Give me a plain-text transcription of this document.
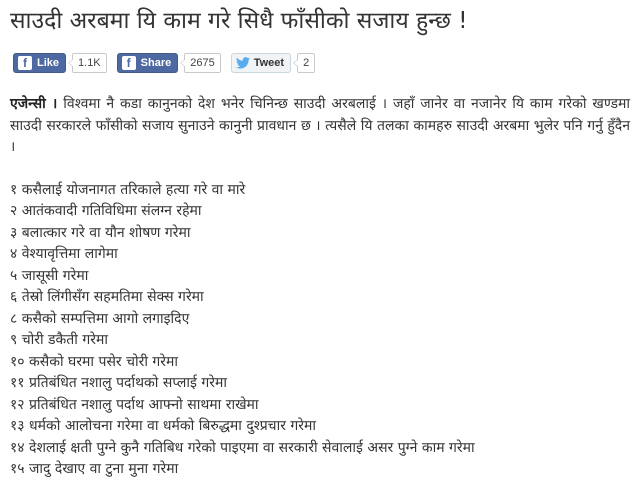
साउदी अरबमा यि काम गरे सिधै फाँसीको सजाय हुन्छ !
f Like	1.1K	f Share	2675	Tweet	2

एजेन्सी । विश्वमा नै कडा कानुनको देश भनेर चिनिन्छ साउदी अरबलाई । जहाँ जानेर वा नजानेर यि काम गरेको खण्डमा साउदी सरकारले फाँसीको सजाय सुनाउने कानुनी प्रावधान छ । त्यसैले यि तलका कामहरु साउदी अरबमा भुलेर पनि गर्नु हुँदैन ।

१ कसैलाई योजनागत तरिकाले हत्या गरे वा मारे
२ आतंकवादी गतिविधिमा संलग्न रहेमा
३ बलात्कार गरे वा यौन शोषण गरेमा
४ वेश्यावृत्तिमा लागेमा
५ जासूसी गरेमा
६ तेस्रो लिंगीसँग सहमतिमा सेक्स गरेमा
८ कसैको सम्पत्तिमा आगो लगाइदिए
९ चोरी डकैती गरेमा
१० कसैको घरमा पसेर चोरी गरेमा
११ प्रतिबंधित नशालु पर्दाथको सप्लाई गरेमा
१२ प्रतिबंधित नशालु पर्दाथ आफ्नो साथमा राखेमा
१३ धर्मको आलोचना गरेमा वा धर्मको बिरुद्धमा दुश्प्रचार गरेमा
१४ देशलाई क्षती पुग्ने कुनै गतिबिध गरेको पाइएमा वा सरकारी सेवालाई असर पुग्ने काम गरेमा
१५ जादु देखाए वा टुना मुना गरेमा
